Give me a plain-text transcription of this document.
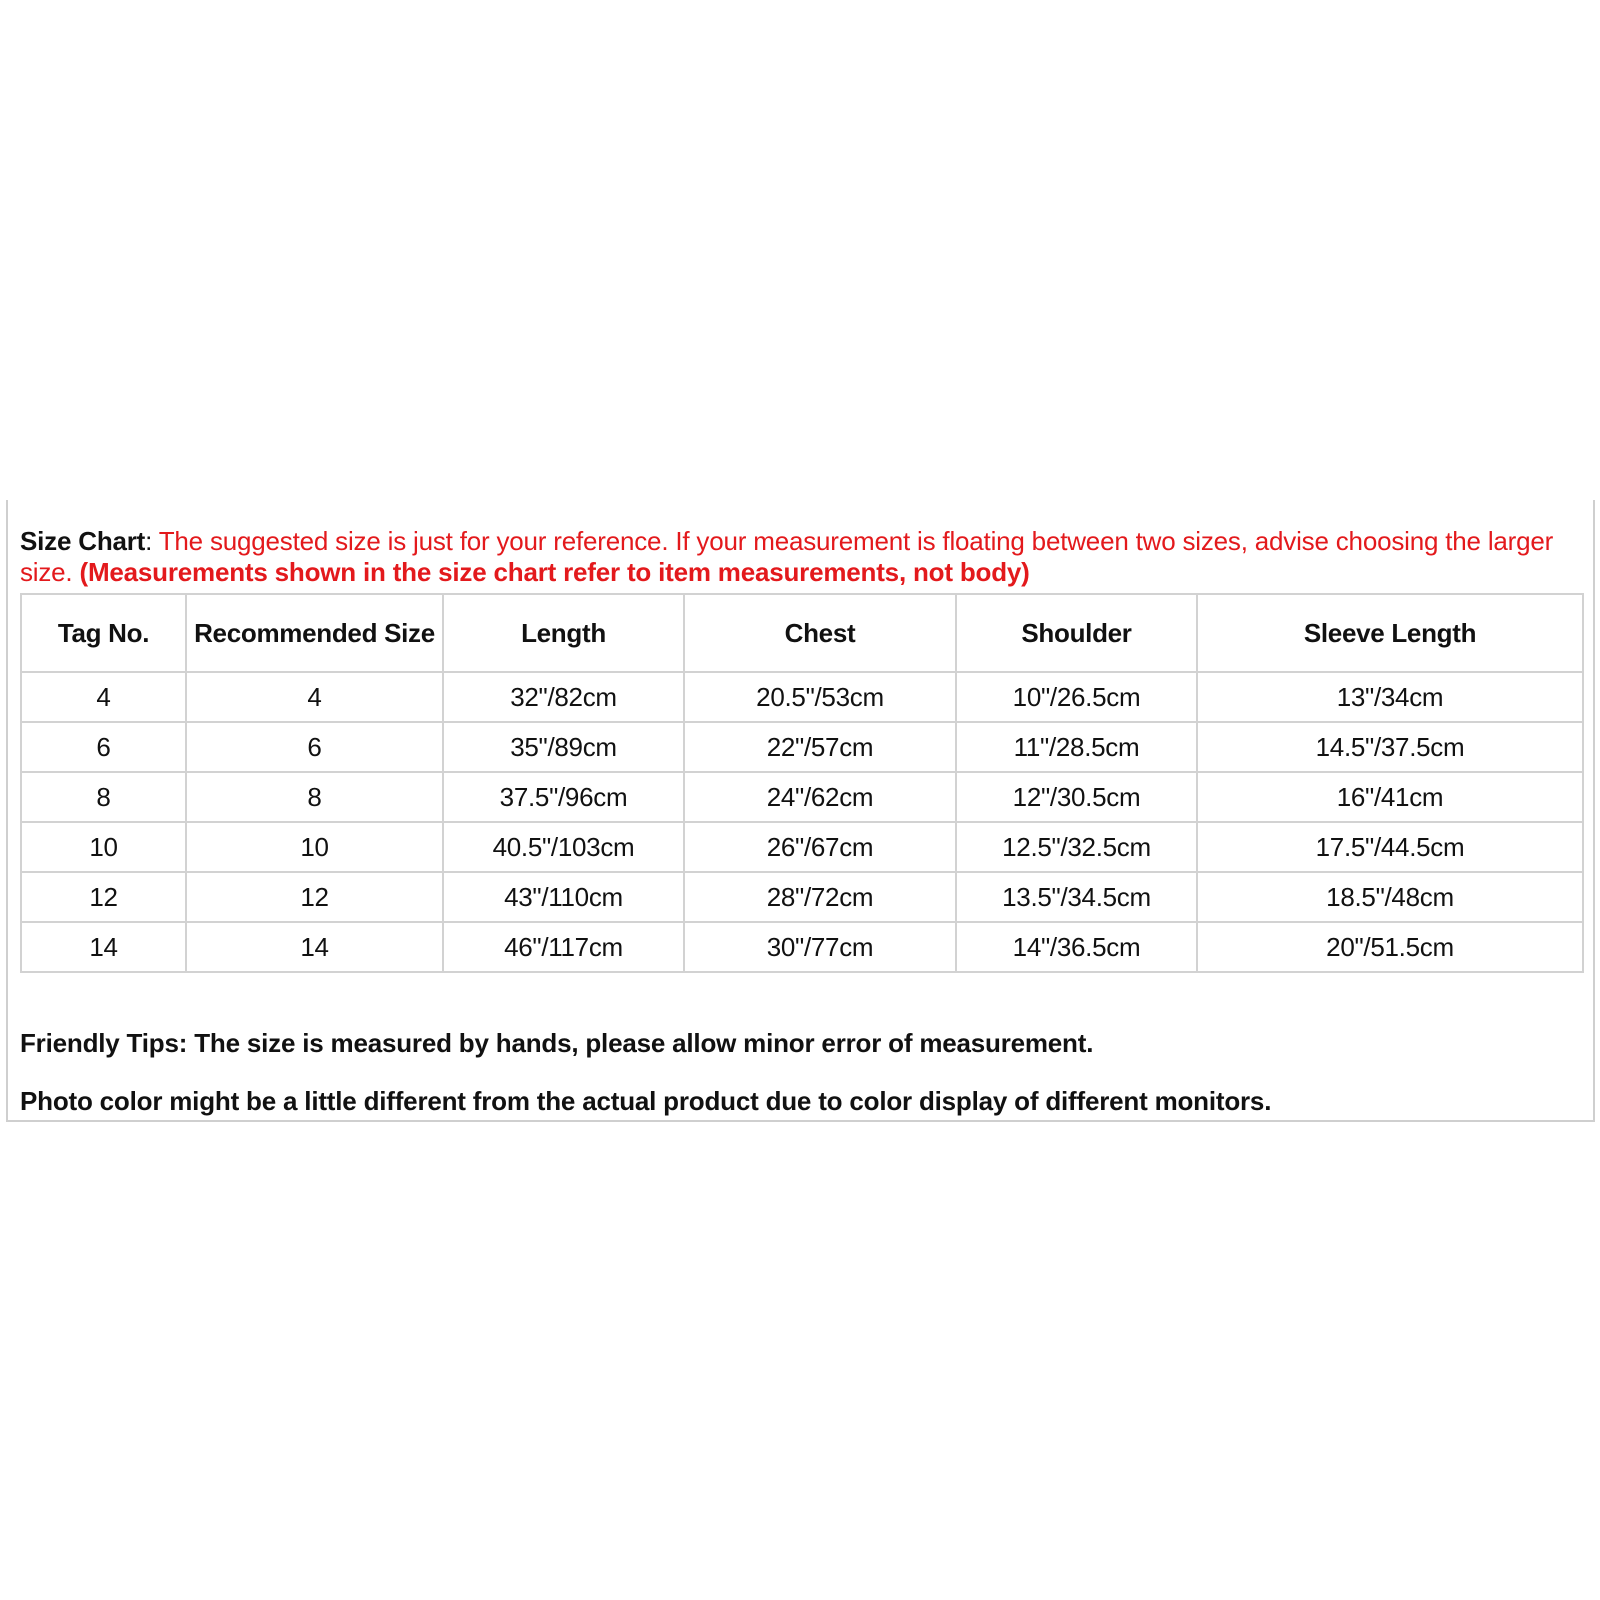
Size Chart: The suggested size is just for your reference. If your measurement is floating between two sizes, advise choosing the larger size. (Measurements shown in the size chart refer to item measurements, not body)
Tag No.	Recommended Size	Length	Chest	Shoulder	Sleeve Length
4	4	32"/82cm	20.5"/53cm	10"/26.5cm	13"/34cm
6	6	35"/89cm	22"/57cm	11"/28.5cm	14.5"/37.5cm
8	8	37.5"/96cm	24"/62cm	12"/30.5cm	16"/41cm
10	10	40.5"/103cm	26"/67cm	12.5"/32.5cm	17.5"/44.5cm
12	12	43"/110cm	28"/72cm	13.5"/34.5cm	18.5"/48cm
14	14	46"/117cm	30"/77cm	14"/36.5cm	20"/51.5cm
Friendly Tips: The size is measured by hands, please allow minor error of measurement.
Photo color might be a little different from the actual product due to color display of different monitors.
